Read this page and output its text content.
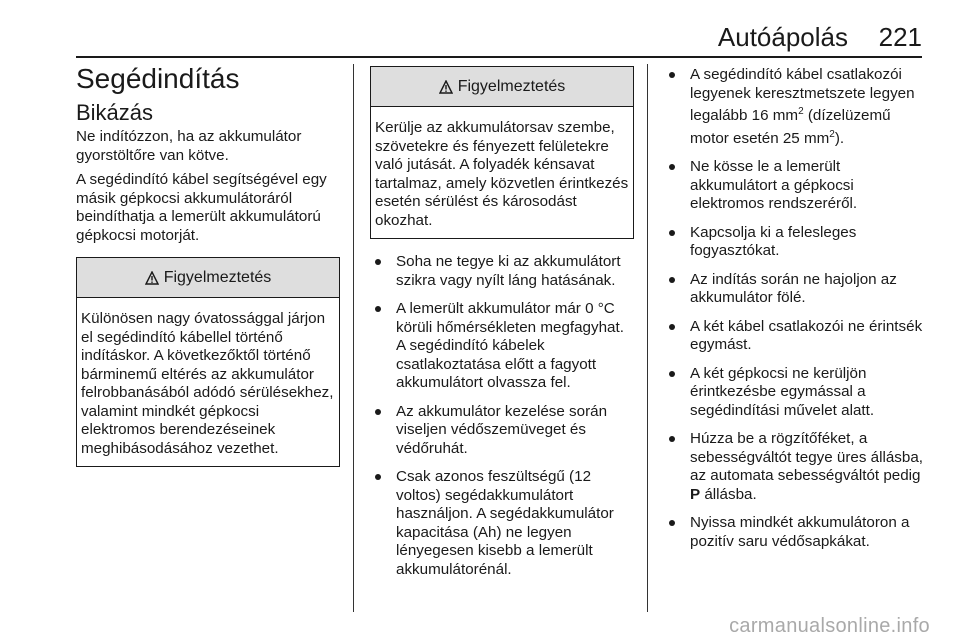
Autóápolás 221
Segédindítás
Bikázás

Ne indítózzon, ha az akkumulátor gyorstöltőre van kötve.

A segédindító kábel segítségével egy másik gépkocsi akkumulátoráról beindíthatja a lemerült akkumulátorú gépkocsi motorját.

Figyelmeztetés
Különösen nagy óvatossággal járjon el segédindító kábellel történő indításkor. A következőktől történő bárminemű eltérés az akkumulátor felrobbanásából adódó sérülésekhez, valamint mindkét gépkocsi elektromos berendezéseinek meghibásodásához vezethet.
Figyelmeztetés
Kerülje az akkumulátorsav szembe, szövetekre és fényezett felületekre való jutását. A folyadék kénsavat tartalmaz, amely közvetlen érintkezés esetén sérülést és károsodást okozhat.
Soha ne tegye ki az akkumulátort szikra vagy nyílt láng hatásának.
A lemerült akkumulátor már 0 °C körüli hőmérsékleten megfagyhat. A segédindító kábelek csatlakoztatása előtt a fagyott akkumulátort olvassza fel.
Az akkumulátor kezelése során viseljen védőszemüveget és védőruhát.
Csak azonos feszültségű (12 voltos) segédakkumulátort használjon. A segédakkumulátor kapacitása (Ah) ne legyen lényegesen kisebb a lemerült akkumulátorénál.
A segédindító kábel csatlakozói legyenek keresztmetszete legyen legalább 16 $mm^2$ (dízelüzemű motor esetén 25 $mm^2$).
Ne kösse le a lemerült akkumulátort a gépkocsi elektromos rendszeréről.
Kapcsolja ki a felesleges fogyasztókat.
Az indítás során ne hajoljon az akkumulátor fölé.
A két kábel csatlakozói ne érintsék egymást.
A két gépkocsi ne kerüljön érintkezésbe egymással a segédindítási művelet alatt.
Húzza be a rögzítőféket, a sebességváltót tegye üres állásba, az automata sebességváltót pedig P állásba.
Nyissa mindkét akkumulátoron a pozitív saru védősapkákat.
carmanualsonline.info
